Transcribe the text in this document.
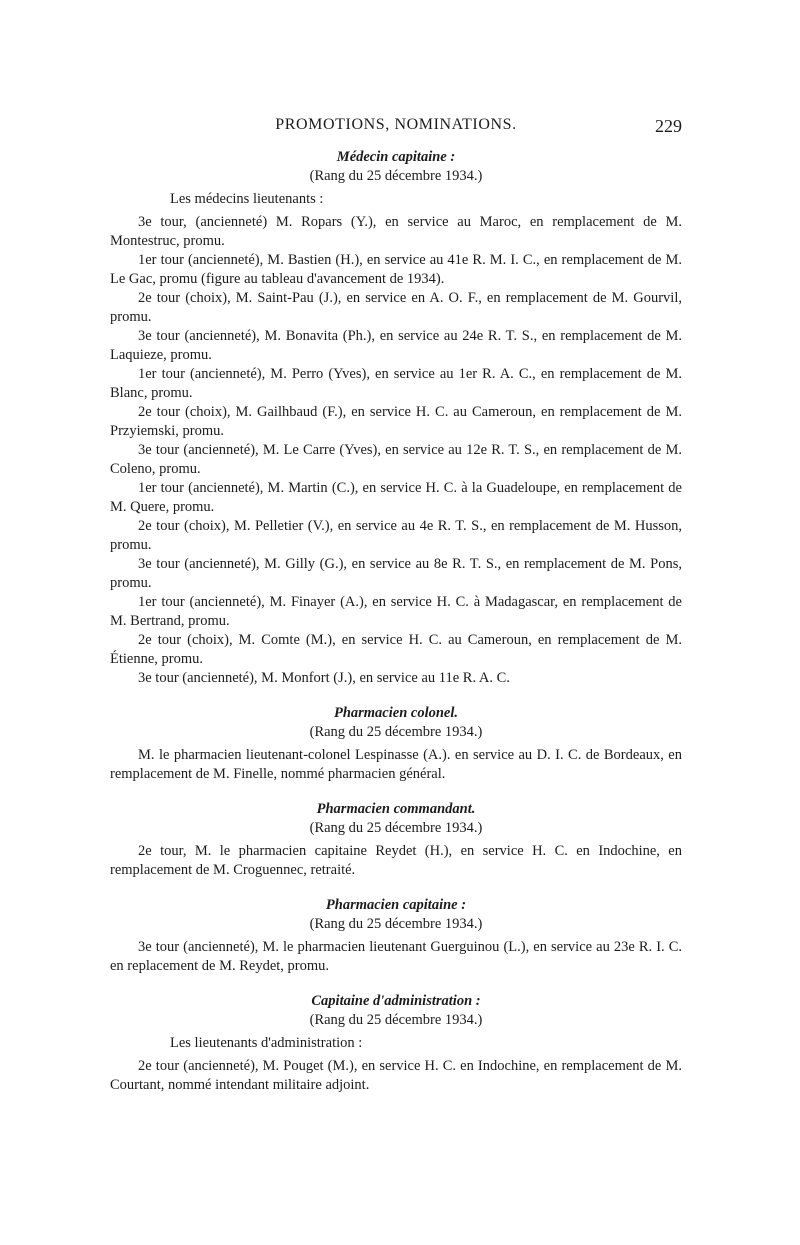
PROMOTIONS, NOMINATIONS.	229

Médecin capitaine :

(Rang du 25 décembre 1934.)

Les médecins lieutenants :

3e tour, (ancienneté) M. Ropars (Y.), en service au Maroc, en remplacement de M. Montestruc, promu.

1er tour (ancienneté), M. Bastien (H.), en service au 41e R. M. I. C., en remplacement de M. Le Gac, promu (figure au tableau d'avancement de 1934).

2e tour (choix), M. Saint-Pau (J.), en service en A. O. F., en remplacement de M. Gourvil, promu.

3e tour (ancienneté), M. Bonavita (Ph.), en service au 24e R. T. S., en remplacement de M. Laquieze, promu.

1er tour (ancienneté), M. Perro (Yves), en service au 1er R. A. C., en remplacement de M. Blanc, promu.

2e tour (choix), M. Gailhbaud (F.), en service H. C. au Cameroun, en remplacement de M. Przyiemski, promu.

3e tour (ancienneté), M. Le Carre (Yves), en service au 12e R. T. S., en remplacement de M. Coleno, promu.

1er tour (ancienneté), M. Martin (C.), en service H. C. à la Guadeloupe, en remplacement de M. Quere, promu.

2e tour (choix), M. Pelletier (V.), en service au 4e R. T. S., en remplacement de M. Husson, promu.

3e tour (ancienneté), M. Gilly (G.), en service au 8e R. T. S., en remplacement de M. Pons, promu.

1er tour (ancienneté), M. Finayer (A.), en service H. C. à Madagascar, en remplacement de M. Bertrand, promu.

2e tour (choix), M. Comte (M.), en service H. C. au Cameroun, en remplacement de M. Étienne, promu.

3e tour (ancienneté), M. Monfort (J.), en service au 11e R. A. C.

Pharmacien colonel.

(Rang du 25 décembre 1934.)

M. le pharmacien lieutenant-colonel Lespinasse (A.). en service au D. I. C. de Bordeaux, en remplacement de M. Finelle, nommé pharmacien général.

Pharmacien commandant.

(Rang du 25 décembre 1934.)

2e tour, M. le pharmacien capitaine Reydet (H.), en service H. C. en Indochine, en remplacement de M. Croguennec, retraité.

Pharmacien capitaine :

(Rang du 25 décembre 1934.)

3e tour (ancienneté), M. le pharmacien lieutenant Guerguinou (L.), en service au 23e R. I. C. en replacement de M. Reydet, promu.

Capitaine d'administration :

(Rang du 25 décembre 1934.)

Les lieutenants d'administration :

2e tour (ancienneté), M. Pouget (M.), en service H. C. en Indochine, en remplacement de M. Courtant, nommé intendant militaire adjoint.
